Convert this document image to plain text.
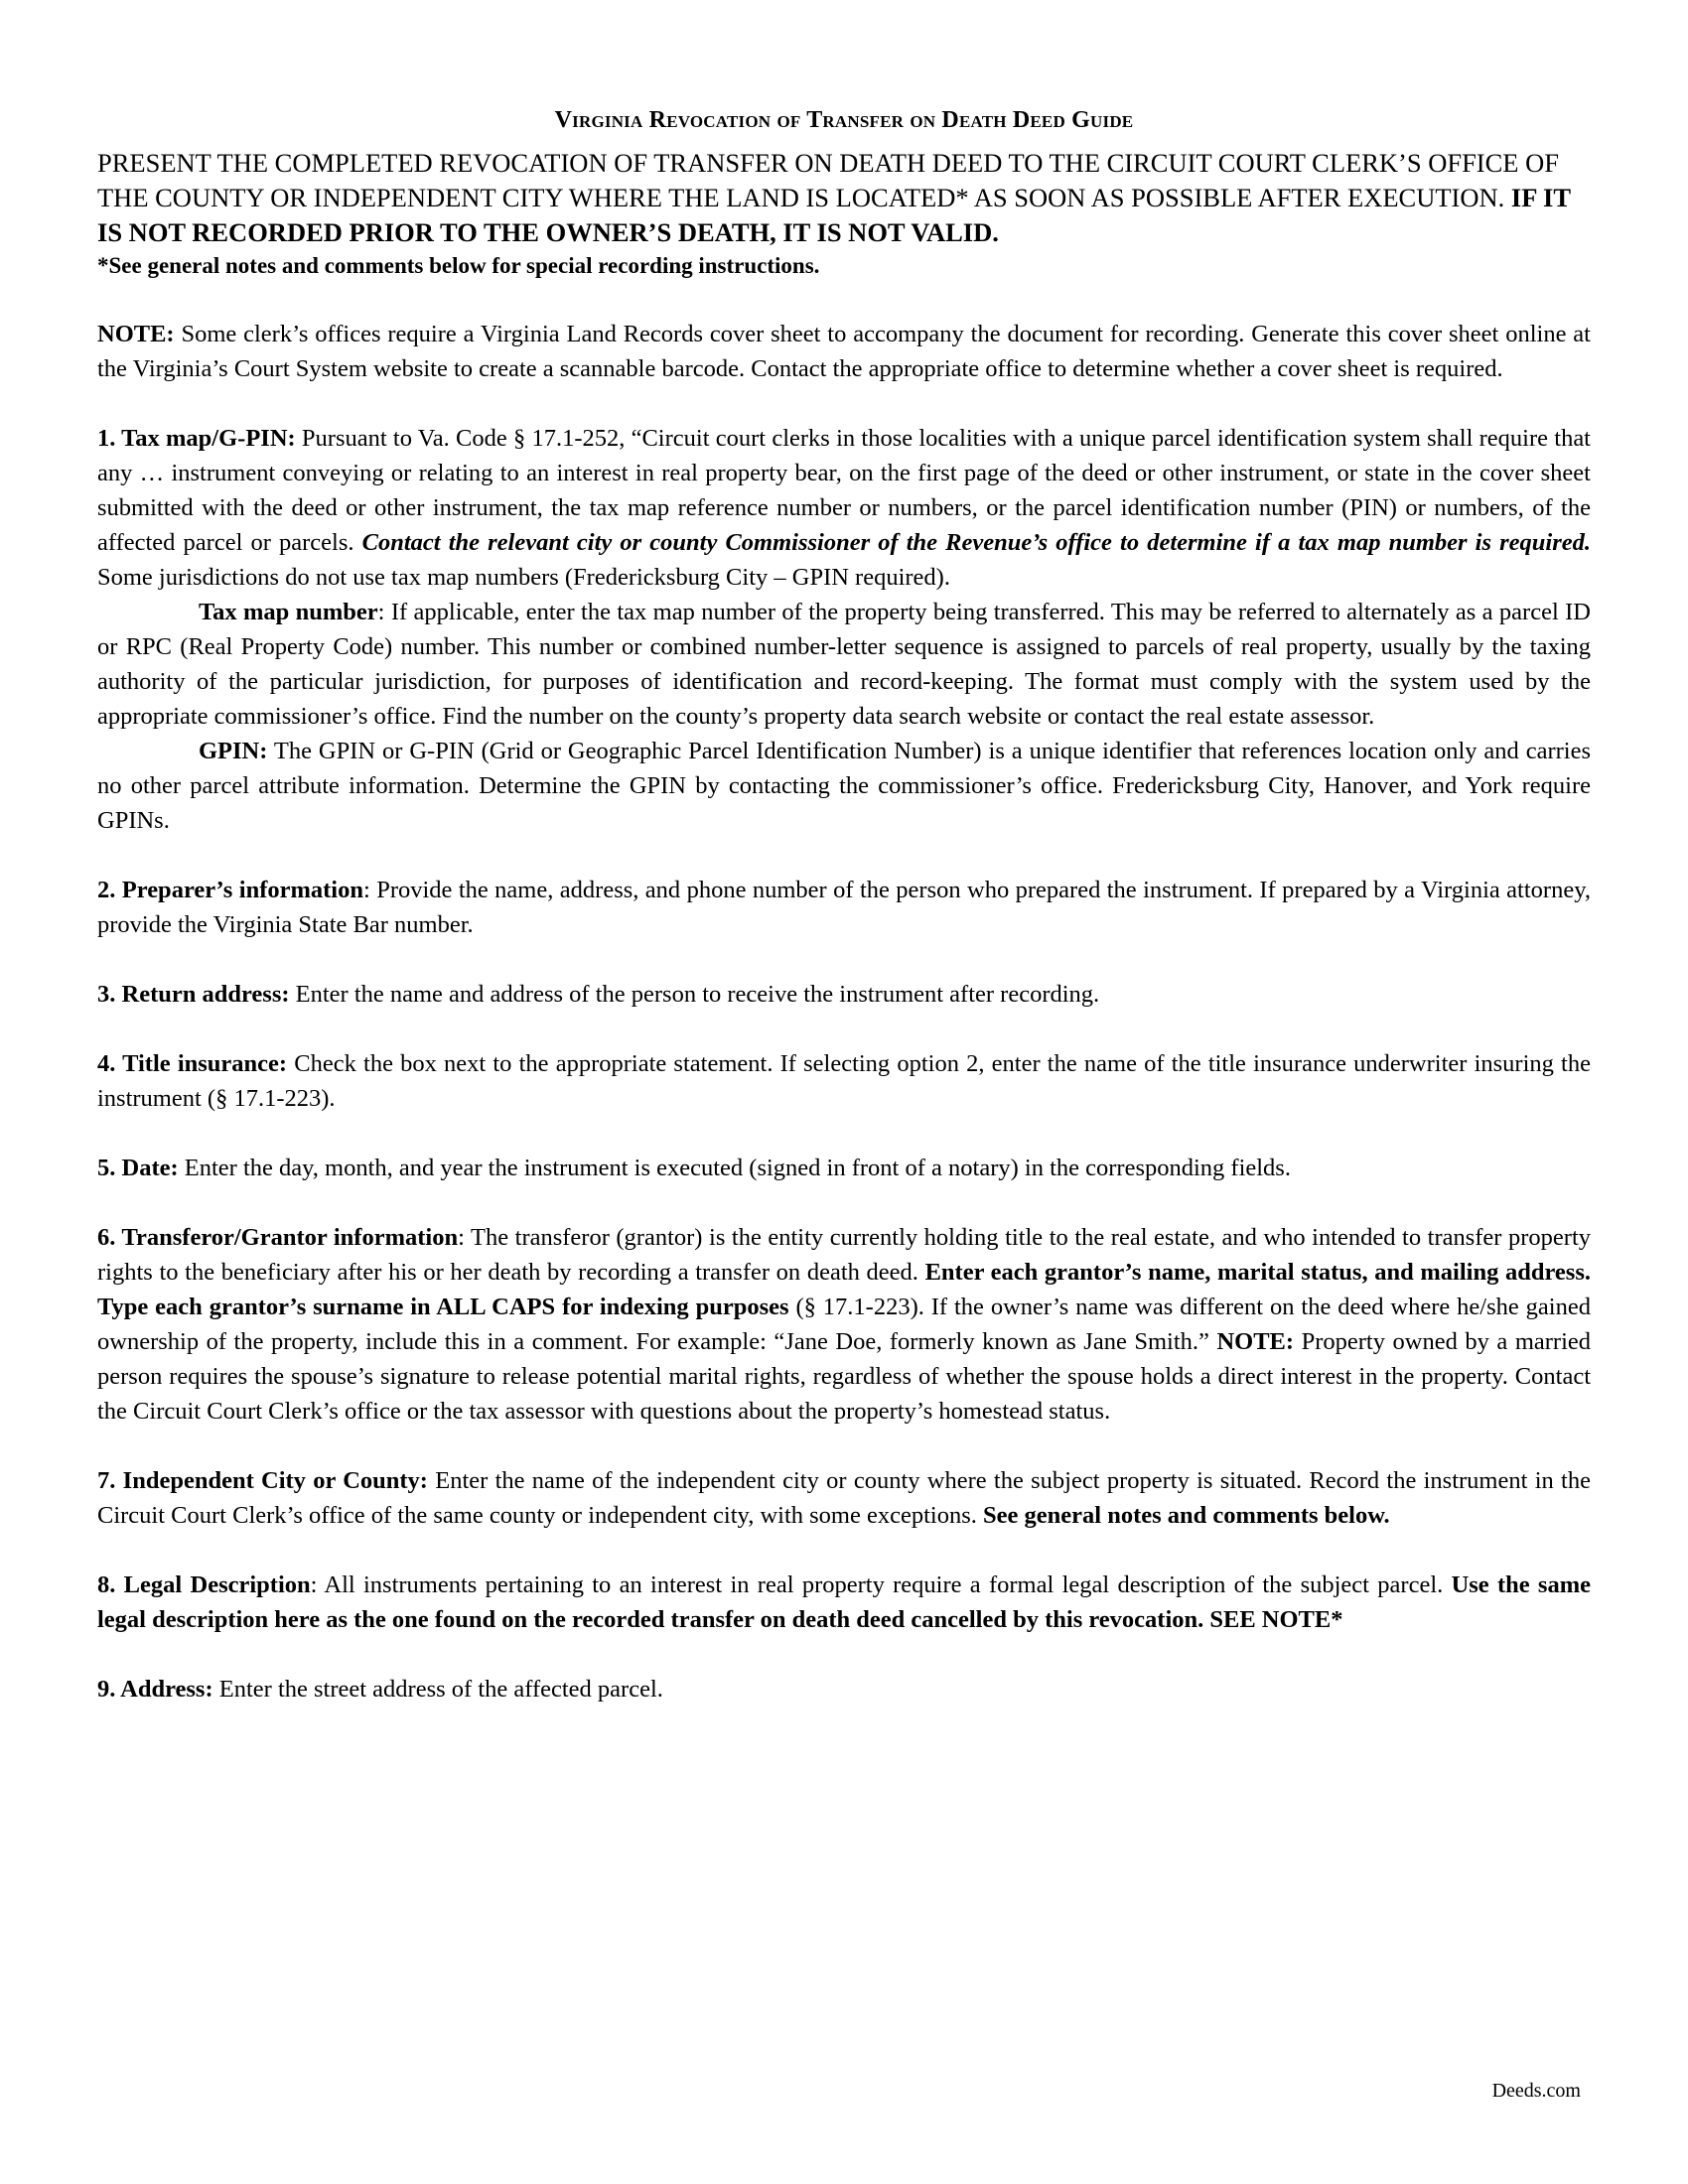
Virginia Revocation of Transfer on Death Deed Guide

PRESENT THE COMPLETED REVOCATION OF TRANSFER ON DEATH DEED TO THE CIRCUIT COURT CLERK’S OFFICE OF THE COUNTY OR INDEPENDENT CITY WHERE THE LAND IS LOCATED* AS SOON AS POSSIBLE AFTER EXECUTION. IF IT IS NOT RECORDED PRIOR TO THE OWNER’S DEATH, IT IS NOT VALID.

*See general notes and comments below for special recording instructions.

NOTE: Some clerk’s offices require a Virginia Land Records cover sheet to accompany the document for recording. Generate this cover sheet online at the Virginia’s Court System website to create a scannable barcode. Contact the appropriate office to determine whether a cover sheet is required.

1. Tax map/G-PIN: Pursuant to Va. Code § 17.1-252, “Circuit court clerks in those localities with a unique parcel identification system shall require that any … instrument conveying or relating to an interest in real property bear, on the first page of the deed or other instrument, or state in the cover sheet submitted with the deed or other instrument, the tax map reference number or numbers, or the parcel identification number (PIN) or numbers, of the affected parcel or parcels. Contact the relevant city or county Commissioner of the Revenue’s office to determine if a tax map number is required. Some jurisdictions do not use tax map numbers (Fredericksburg City – GPIN required).

Tax map number: If applicable, enter the tax map number of the property being transferred. This may be referred to alternately as a parcel ID or RPC (Real Property Code) number. This number or combined number-letter sequence is assigned to parcels of real property, usually by the taxing authority of the particular jurisdiction, for purposes of identification and record-keeping. The format must comply with the system used by the appropriate commissioner’s office. Find the number on the county’s property data search website or contact the real estate assessor.

GPIN: The GPIN or G-PIN (Grid or Geographic Parcel Identification Number) is a unique identifier that references location only and carries no other parcel attribute information. Determine the GPIN by contacting the commissioner’s office. Fredericksburg City, Hanover, and York require GPINs.

2. Preparer’s information: Provide the name, address, and phone number of the person who prepared the instrument. If prepared by a Virginia attorney, provide the Virginia State Bar number.

3. Return address: Enter the name and address of the person to receive the instrument after recording.

4. Title insurance: Check the box next to the appropriate statement. If selecting option 2, enter the name of the title insurance underwriter insuring the instrument (§ 17.1-223).

5. Date: Enter the day, month, and year the instrument is executed (signed in front of a notary) in the corresponding fields.

6. Transferor/Grantor information: The transferor (grantor) is the entity currently holding title to the real estate, and who intended to transfer property rights to the beneficiary after his or her death by recording a transfer on death deed. Enter each grantor’s name, marital status, and mailing address. Type each grantor’s surname in ALL CAPS for indexing purposes (§ 17.1-223). If the owner’s name was different on the deed where he/she gained ownership of the property, include this in a comment. For example: “Jane Doe, formerly known as Jane Smith.” NOTE: Property owned by a married person requires the spouse’s signature to release potential marital rights, regardless of whether the spouse holds a direct interest in the property. Contact the Circuit Court Clerk’s office or the tax assessor with questions about the property’s homestead status.

7. Independent City or County: Enter the name of the independent city or county where the subject property is situated. Record the instrument in the Circuit Court Clerk’s office of the same county or independent city, with some exceptions. See general notes and comments below.

8. Legal Description: All instruments pertaining to an interest in real property require a formal legal description of the subject parcel. Use the same legal description here as the one found on the recorded transfer on death deed cancelled by this revocation. SEE NOTE*

9. Address: Enter the street address of the affected parcel.

Deeds.com
